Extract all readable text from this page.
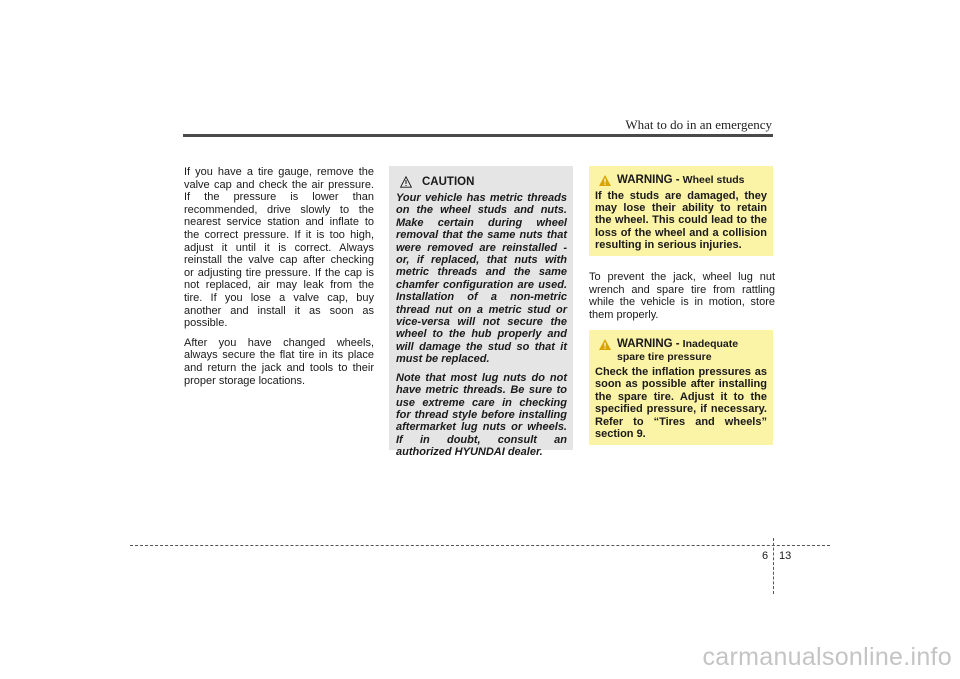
What to do in an emergency

If you have a tire gauge, remove the valve cap and check the air pressure. If the pressure is lower than recommended, drive slowly to the nearest service station and inflate to the correct pressure. If it is too high, adjust it until it is correct. Always reinstall the valve cap after checking or adjusting tire pressure. If the cap is not replaced, air may leak from the tire. If you lose a valve cap, buy another and install it as soon as possible.

After you have changed wheels, always secure the flat tire in its place and return the jack and tools to their proper storage locations.

CAUTION

Your vehicle has metric threads on the wheel studs and nuts. Make certain during wheel removal that the same nuts that were removed are reinstalled - or, if replaced, that nuts with metric threads and the same chamfer configuration are used. Installation of a non-metric thread nut on a metric stud or vice-versa will not secure the wheel to the hub properly and will damage the stud so that it must be replaced.

Note that most lug nuts do not have metric threads. Be sure to use extreme care in checking for thread style before installing aftermarket lug nuts or wheels. If in doubt, consult an authorized HYUNDAI dealer.

WARNING - Wheel studs
If the studs are damaged, they may lose their ability to retain the wheel. This could lead to the loss of the wheel and a collision resulting in serious injuries.

To prevent the jack, wheel lug nut wrench and spare tire from rattling while the vehicle is in motion, store them properly.

WARNING - Inadequate spare tire pressure
Check the inflation pressures as soon as possible after installing the spare tire. Adjust it to the specified pressure, if necessary. Refer to “Tires and wheels” section 9.
6 13
carmanualsonline.info
